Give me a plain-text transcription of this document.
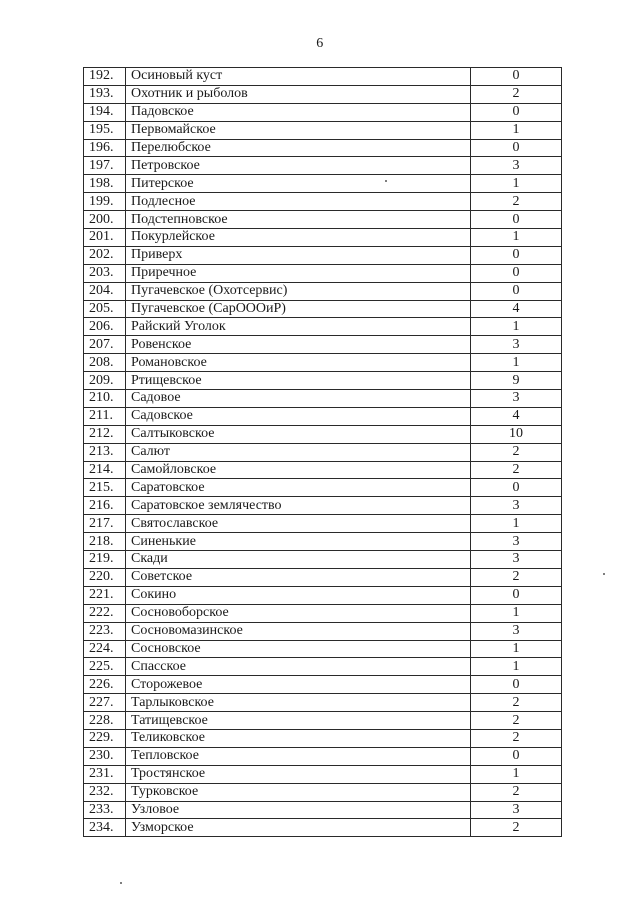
6
192.	Осиновый куст	0
193.	Охотник и рыболов	2
194.	Падовское	0
195.	Первомайское	1
196.	Перелюбское	0
197.	Петровское	3
198.	Питерское	1
199.	Подлесное	2
200.	Подстепновское	0
201.	Покурлейское	1
202.	Приверх	0
203.	Приречное	0
204.	Пугачевское (Охотсервис)	0
205.	Пугачевское (СарОООиР)	4
206.	Райский Уголок	1
207.	Ровенское	3
208.	Романовское	1
209.	Ртищевское	9
210.	Садовое	3
211.	Садовское	4
212.	Салтыковское	10
213.	Салют	2
214.	Самойловское	2
215.	Саратовское	0
216.	Саратовское землячество	3
217.	Святославское	1
218.	Синенькие	3
219.	Скади	3
220.	Советское	2
221.	Сокино	0
222.	Сосновоборское	1
223.	Сосновомазинское	3
224.	Сосновское	1
225.	Спасское	1
226.	Сторожевое	0
227.	Тарлыковское	2
228.	Татищевское	2
229.	Теликовское	2
230.	Тепловское	0
231.	Тростянское	1
232.	Турковское	2
233.	Узловое	3
234.	Узморское	2
